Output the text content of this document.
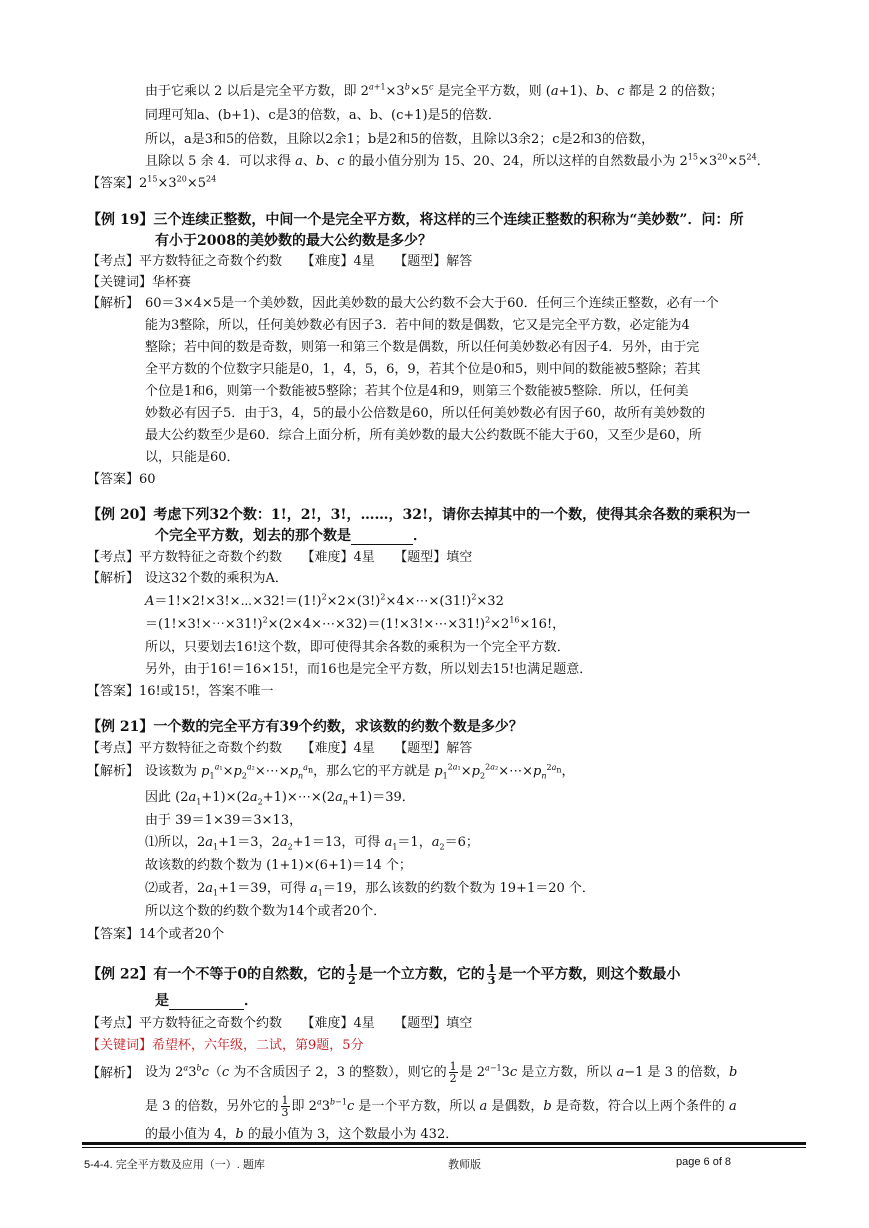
由于它乘以 2 以后是完全平方数，即 $2^{a+1}\times 3^b\times 5^c$ 是完全平方数，则 (a+1)、b、c 都是 2 的倍数；
同理可知a、(b+1)、c是3的倍数，a、b、(c+1)是5的倍数．
所以，a是3和5的倍数，且除以2余1；b是2和5的倍数，且除以3余2；c是2和3的倍数，
且除以 5 余 4．可以求得 a、b、c 的最小值分别为 15、20、24，所以这样的自然数最小为 $2^{15}\times 3^{20}\times 5^{24}$．
【答案】$2^{15}\times 3^{20}\times 5^{24}$
【例 19】三个连续正整数，中间一个是完全平方数，将这样的三个连续正整数的积称为“美妙数”．问：所
有小于2008的美妙数的最大公约数是多少？
【考点】平方数特征之奇数个约数　　【难度】4星　　【题型】解答
【关键词】华杯赛
【解析】 60＝3×4×5是一个美妙数，因此美妙数的最大公约数不会大于60．任何三个连续正整数，必有一个
能为3整除，所以，任何美妙数必有因子3．若中间的数是偶数，它又是完全平方数，必定能为4
整除；若中间的数是奇数，则第一和第三个数是偶数，所以任何美妙数必有因子4．另外，由于完
全平方数的个位数字只能是0，1，4，5，6，9，若其个位是0和5，则中间的数能被5整除；若其
个位是1和6，则第一个数能被5整除；若其个位是4和9，则第三个数能被5整除．所以，任何美
妙数必有因子5．由于3，4，5的最小公倍数是60，所以任何美妙数必有因子60，故所有美妙数的
最大公约数至少是60．综合上面分析，所有美妙数的最大公约数既不能大于60，又至少是60，所
以，只能是60．
【答案】60
【例 20】考虑下列32个数：1!，2!，3!，……，32!，请你去掉其中的一个数，使得其余各数的乘积为一
个完全平方数，划去的那个数是	．
【考点】平方数特征之奇数个约数　　【难度】4星　　【题型】填空
【解析】 设这32个数的乘积为A．
$A=1!\times 2!\times 3!\times\cdots\times 32!=(1!)^2\times 2\times(3!)^2\times 4\times\cdots\times(31!)^2\times 32$
$=(1!\times 3!\times\cdots\times 31!)^2\times(2\times 4\times\cdots\times 32)=(1!\times 3!\times\cdots\times 31!)^2\times 2^{16}\times 16$!，
所以，只要划去16!这个数，即可使得其余各数的乘积为一个完全平方数．
另外，由于16!＝16×15!，而16也是完全平方数，所以划去15!也满足题意．
【答案】16!或15!，答案不唯一
【例 21】一个数的完全平方有39个约数，求该数的约数个数是多少？
【考点】平方数特征之奇数个约数　　【难度】4星　　【题型】解答
【解析】 设该数为 $p_1^{a_1}\times p_2^{a_2}\times\cdots\times p_n^{a_n}$，那么它的平方就是 $p_1^{2a_1}\times p_2^{2a_2}\times\cdots\times p_n^{2a_n}$，
因此 $(2a_1+1)\times(2a_2+1)\times\cdots\times(2a_n+1)=39$．
由于 39＝1×39＝3×13，
⑴所以，$2a_1+1=3$，$2a_2+1=13$，可得 $a_1=1$，$a_2=6$；
故该数的约数个数为 (1+1)×(6+1)＝14 个；
⑵或者，$2a_1+1=39$，可得 $a_1=19$，那么该数的约数个数为 19+1＝20 个．
所以这个数的约数个数为14个或者20个．
【答案】14个或者20个
【例 22】有一个不等于0的自然数，它的 $\frac{1}{2}$ 是一个立方数，它的 $\frac{1}{3}$ 是一个平方数，则这个数最小
是	．
【考点】平方数特征之奇数个约数　　【难度】4星　　【题型】填空
【关键词】希望杯，六年级，二试，第9题，5分
【解析】 设为 2$^a$3$^b$c（c 为不含质因子 2，3 的整数），则它的 $\frac{1}{2}$ 是 $2^{a-1}3c$ 是立方数，所以 a−1 是 3 的倍数，b
是 3 的倍数，另外它的 $\frac{1}{3}$ 即 $2^a3^{b-1}c$ 是一个平方数，所以 a 是偶数，b 是奇数，符合以上两个条件的 a
的最小值为 4，b 的最小值为 3，这个数最小为 432．
5-4-4. 完全平方数及应用（一）. 题库	教师版	page 6 of 8
